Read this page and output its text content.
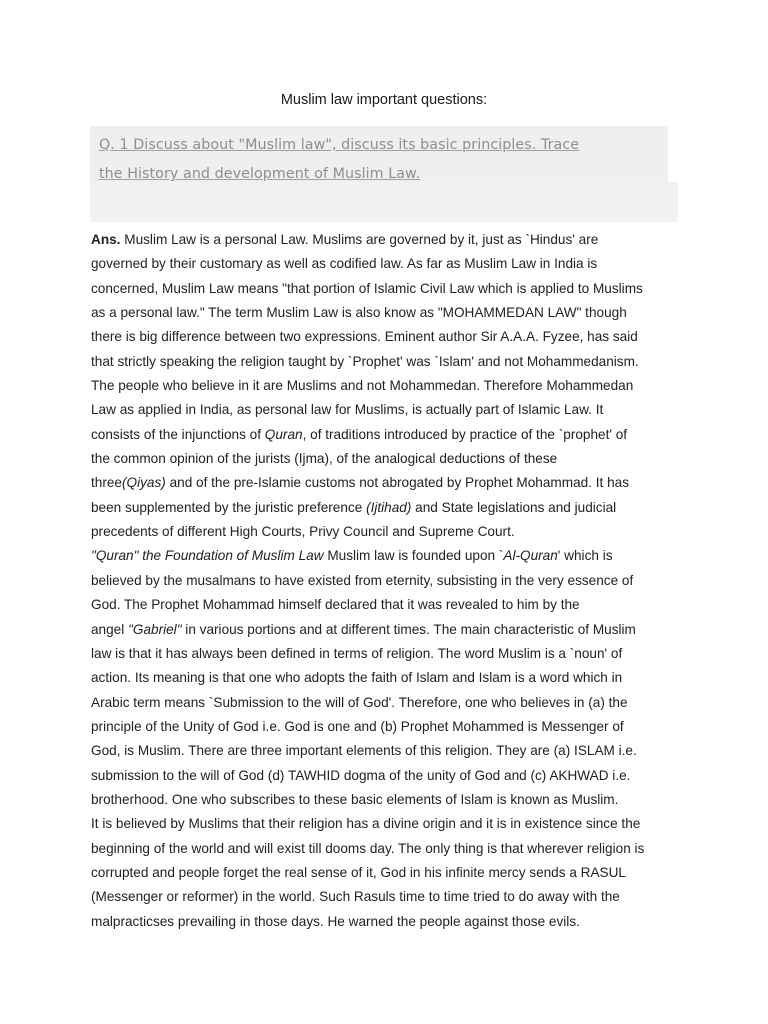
Muslim law important questions:
Q. 1 Discuss about "Muslim law", discuss its basic principles. Trace
the History and development of Muslim Law.
Ans. Muslim Law is a personal Law. Muslims are governed by it, just as `Hindus' are
governed by their customary as well as codified law. As far as Muslim Law in India is
concerned, Muslim Law means "that portion of Islamic Civil Law which is applied to Muslims
as a personal law." The term Muslim Law is also know as "MOHAMMEDAN LAW" though
there is big difference between two expressions. Eminent author Sir A.A.A. Fyzee, has said
that strictly speaking the religion taught by `Prophet' was `Islam' and not Mohammedanism.
The people who believe in it are Muslims and not Mohammedan. Therefore Mohammedan
Law as applied in India, as personal law for Muslims, is actually part of Islamic Law. It
consists of the injunctions of Quran, of traditions introduced by practice of the `prophet' of
the common opinion of the jurists (Ijma), of the analogical deductions of these
three(Qiyas) and of the pre-Islamie customs not abrogated by Prophet Mohammad. It has
been supplemented by the juristic preference (Ijtihad) and State legislations and judicial
precedents of different High Courts, Privy Council and Supreme Court.
"Quran" the Foundation of Muslim Law Muslim law is founded upon `Al-Quran' which is
believed by the musalmans to have existed from eternity, subsisting in the very essence of
God. The Prophet Mohammad himself declared that it was revealed to him by the
angel "Gabriel" in various portions and at different times. The main characteristic of Muslim
law is that it has always been defined in terms of religion. The word Muslim is a `noun' of
action. Its meaning is that one who adopts the faith of Islam and Islam is a word which in
Arabic term means `Submission to the will of God'. Therefore, one who believes in (a) the
principle of the Unity of God i.e. God is one and (b) Prophet Mohammed is Messenger of
God, is Muslim. There are three important elements of this religion. They are (a) ISLAM i.e.
submission to the will of God (d) TAWHID dogma of the unity of God and (c) AKHWAD i.e.
brotherhood. One who subscribes to these basic elements of Islam is known as Muslim.
It is believed by Muslims that their religion has a divine origin and it is in existence since the
beginning of the world and will exist till dooms day. The only thing is that wherever religion is
corrupted and people forget the real sense of it, God in his infinite mercy sends a RASUL
(Messenger or reformer) in the world. Such Rasuls time to time tried to do away with the
malpracticses prevailing in those days. He warned the people against those evils.
